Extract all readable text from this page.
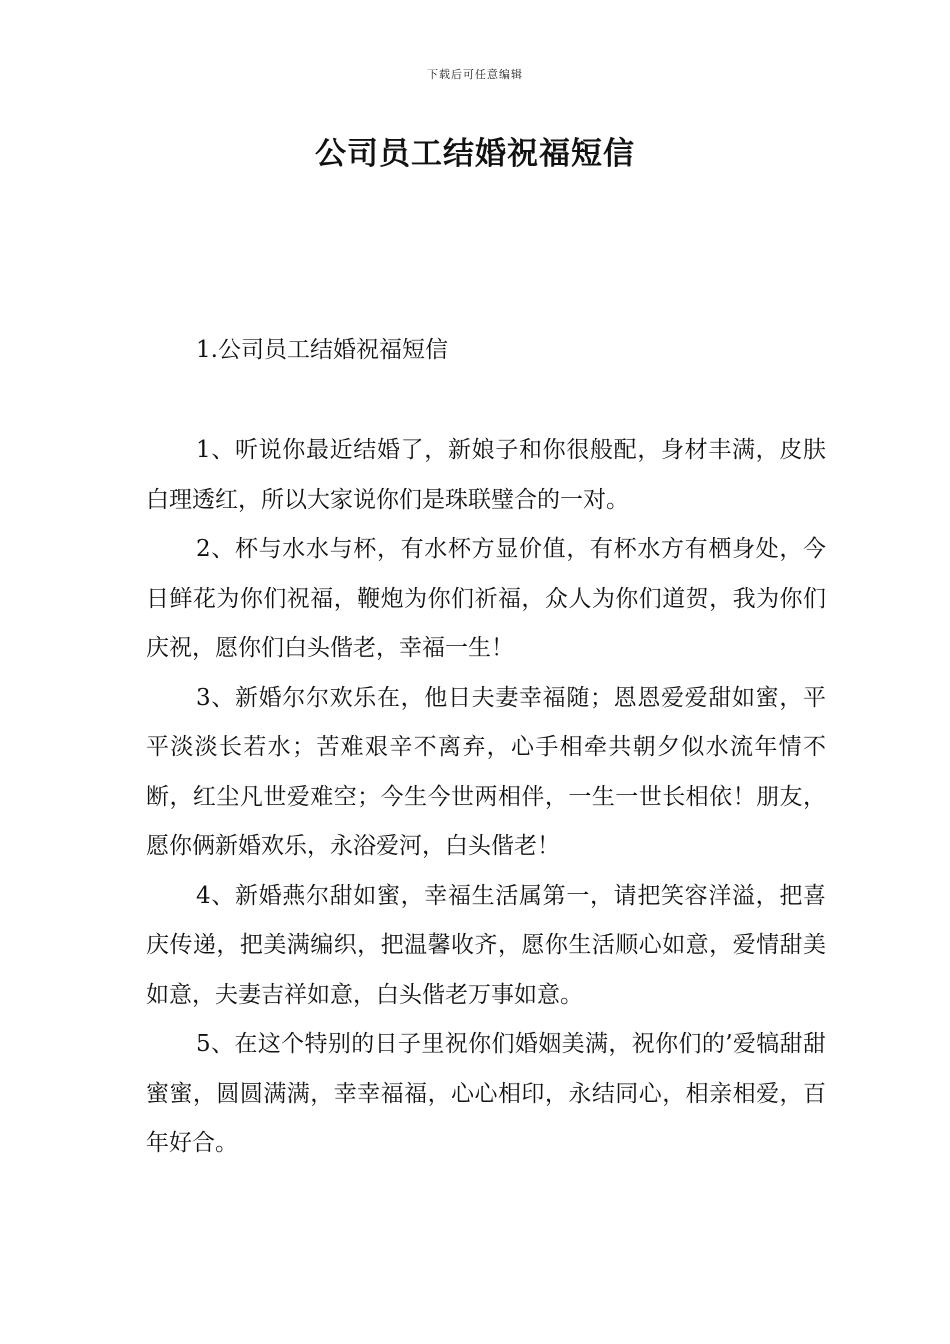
下载后可任意编辑
公司员工结婚祝福短信

1.公司员工结婚祝福短信

1、听说你最近结婚了，新娘子和你很般配，身材丰满，皮肤白理透红，所以大家说你们是珠联璧合的一对。

2、杯与水水与杯，有水杯方显价值，有杯水方有栖身处，今日鲜花为你们祝福，鞭炮为你们祈福，众人为你们道贺，我为你们庆祝，愿你们白头偕老，幸福一生！

3、新婚尔尔欢乐在，他日夫妻幸福随；恩恩爱爱甜如蜜，平平淡淡长若水；苦难艰辛不离弃，心手相牵共朝夕似水流年情不断，红尘凡世爱难空；今生今世两相伴，一生一世长相依！朋友，愿你俩新婚欢乐，永浴爱河，白头偕老！

4、新婚燕尔甜如蜜，幸福生活属第一，请把笑容洋溢，把喜庆传递，把美满编织，把温馨收齐，愿你生活顺心如意，爱情甜美如意，夫妻吉祥如意，白头偕老万事如意。

5、在这个特别的日子里祝你们婚姻美满，祝你们的’爱犒甜甜蜜蜜，圆圆满满，幸幸福福，心心相印，永结同心，相亲相爱，百年好合。
